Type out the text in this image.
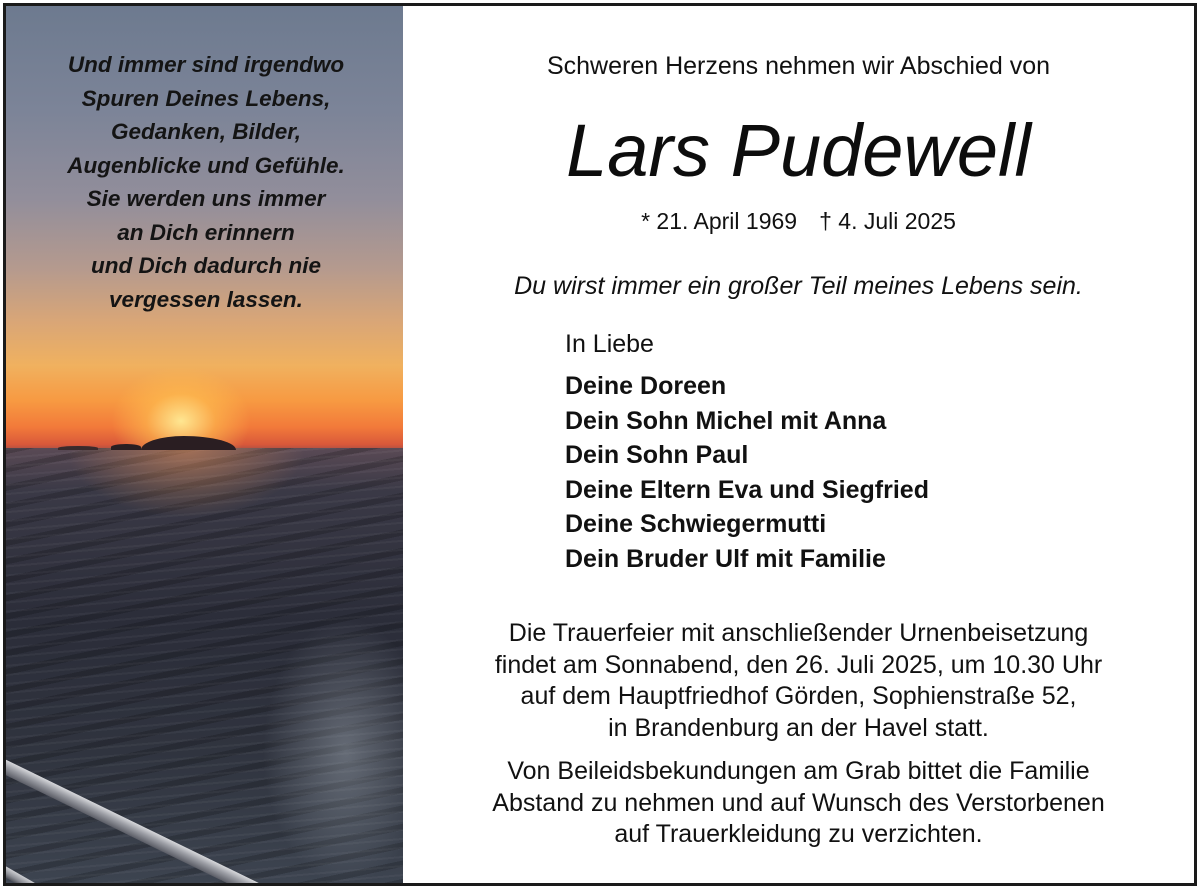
Und immer sind irgendwo
Spuren Deines Lebens,
Gedanken, Bilder,
Augenblicke und Gefühle.
Sie werden uns immer
an Dich erinnern
und Dich dadurch nie
vergessen lassen.

Schweren Herzens nehmen wir Abschied von

Lars Pudewell

* 21. April 1969 † 4. Juli 2025

Du wirst immer ein großer Teil meines Lebens sein.

In Liebe

Deine Doreen
Dein Sohn Michel mit Anna
Dein Sohn Paul
Deine Eltern Eva und Siegfried
Deine Schwiegermutti
Dein Bruder Ulf mit Familie

Die Trauerfeier mit anschließender Urnenbeisetzung
findet am Sonnabend, den 26. Juli 2025, um 10.30 Uhr
auf dem Hauptfriedhof Görden, Sophienstraße 52,
in Brandenburg an der Havel statt.

Von Beileidsbekundungen am Grab bittet die Familie
Abstand zu nehmen und auf Wunsch des Verstorbenen
auf Trauerkleidung zu verzichten.
